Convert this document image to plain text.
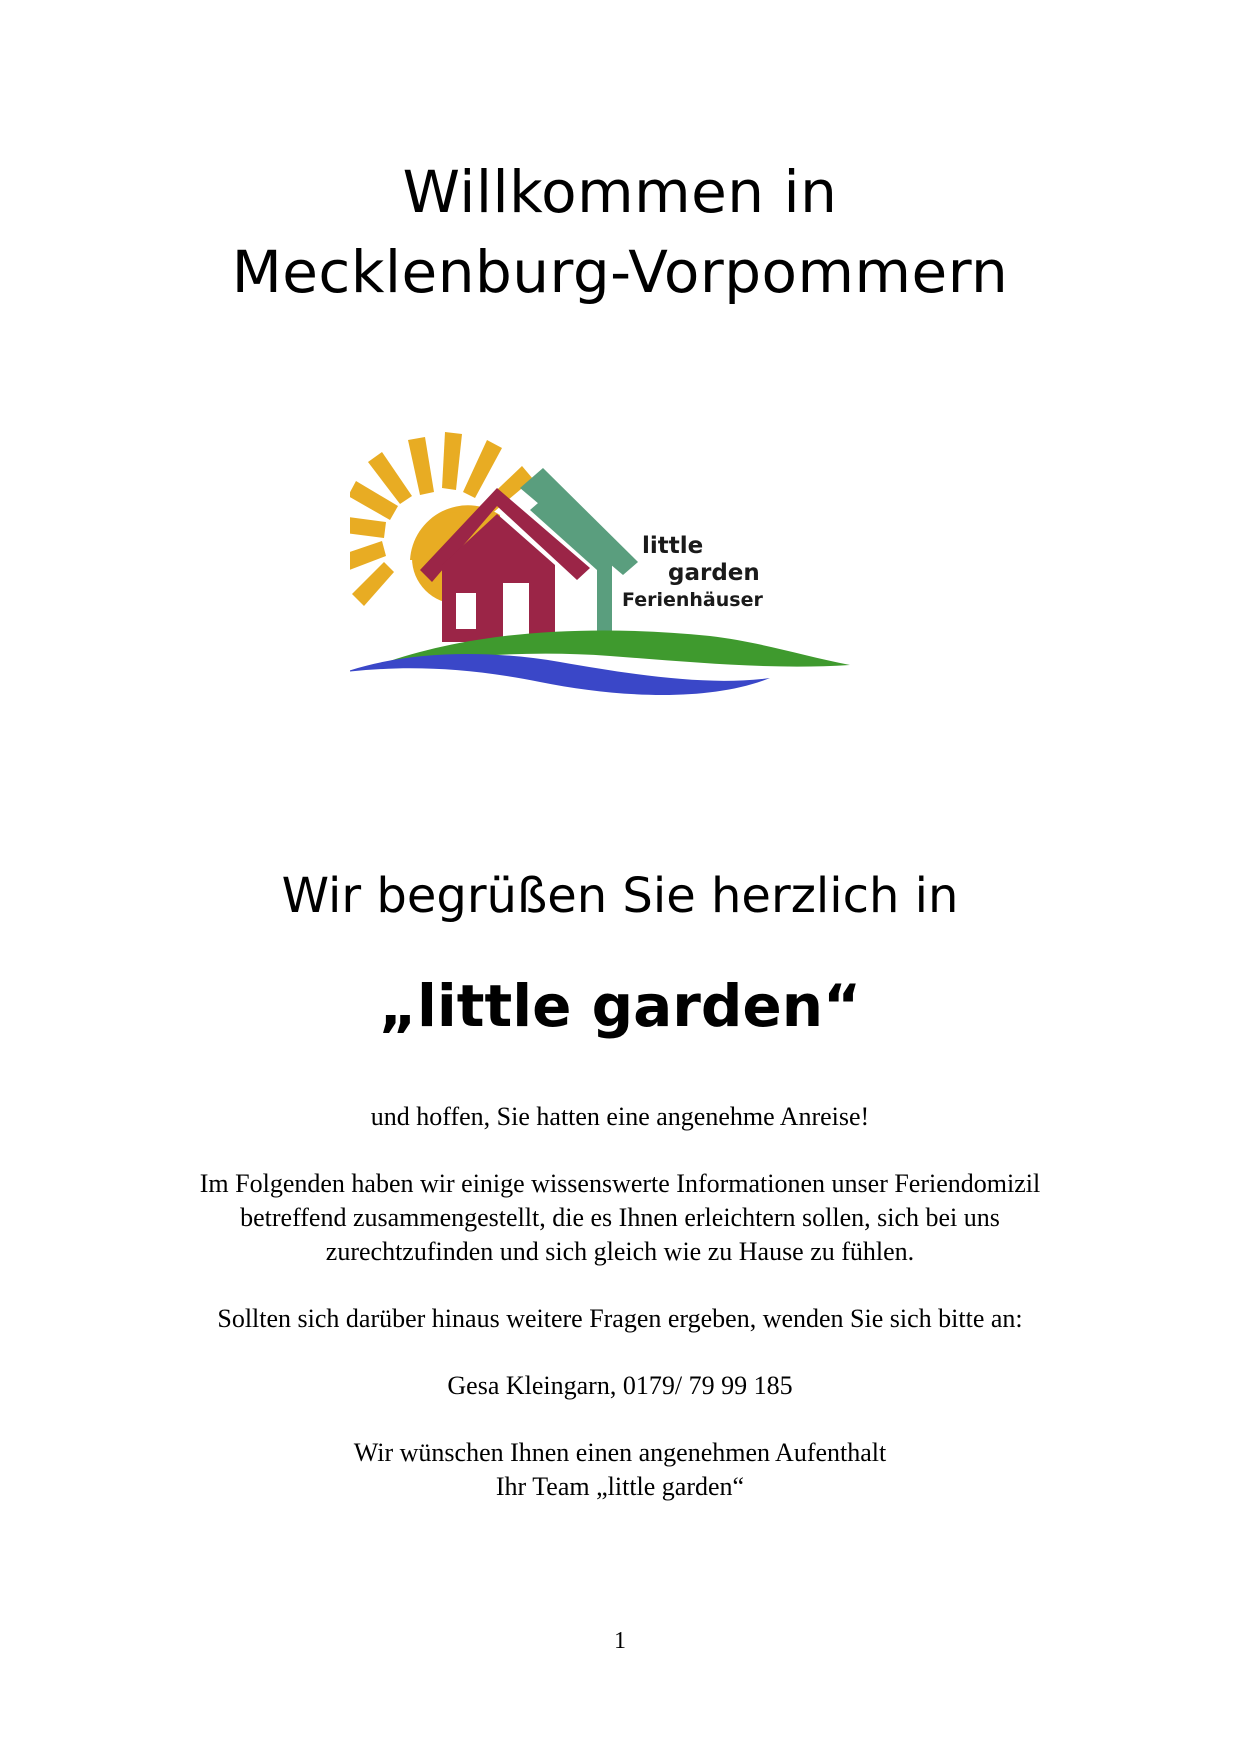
Willkommen in
Mecklenburg-Vorpommern
little
garden
Ferienhäuser
Wir begrüßen Sie herzlich in
„little garden“
und hoffen, Sie hatten eine angenehme Anreise!
Im Folgenden haben wir einige wissenswerte Informationen unser Feriendomizil
betreffend zusammengestellt, die es Ihnen erleichtern sollen, sich bei uns
zurechtzufinden und sich gleich wie zu Hause zu fühlen.
Sollten sich darüber hinaus weitere Fragen ergeben, wenden Sie sich bitte an:
Gesa Kleingarn, 0179/ 79 99 185
Wir wünschen Ihnen einen angenehmen Aufenthalt
Ihr Team „little garden“
1
